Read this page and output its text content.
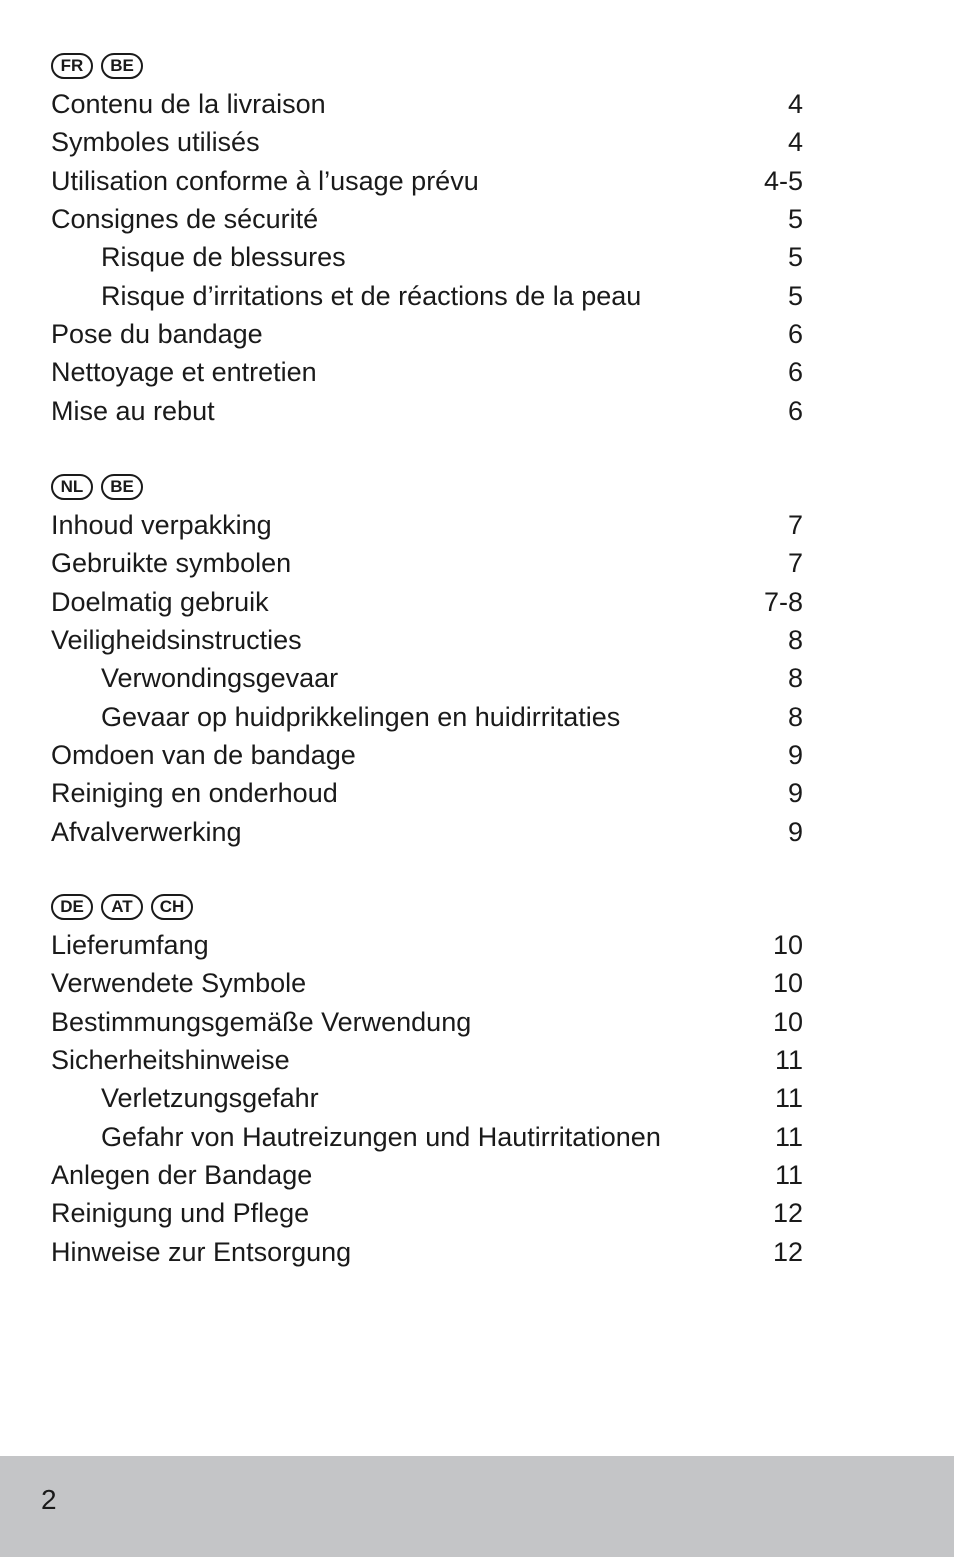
FR	BE
Contenu de la livraison	4
Symboles utilisés	4
Utilisation conforme à l’usage prévu	4-5
Consignes de sécurité	5
Risque de blessures	5
Risque d’irritations et de réactions de la peau	5
Pose du bandage	6
Nettoyage et entretien	6
Mise au rebut	6
NL	BE
Inhoud verpakking	7
Gebruikte symbolen	7
Doelmatig gebruik	7-8
Veiligheidsinstructies	8
Verwondingsgevaar	8
Gevaar op huidprikkelingen en huidirritaties	8
Omdoen van de bandage	9
Reiniging en onderhoud	9
Afvalverwerking	9
DE	AT	CH
Lieferumfang	10
Verwendete Symbole	10
Bestimmungsgemäße Verwendung	10
Sicherheitshinweise	11
Verletzungsgefahr	11
Gefahr von Hautreizungen und Hautirritationen	11
Anlegen der Bandage	11
Reinigung und Pflege	12
Hinweise zur Entsorgung	12
2
